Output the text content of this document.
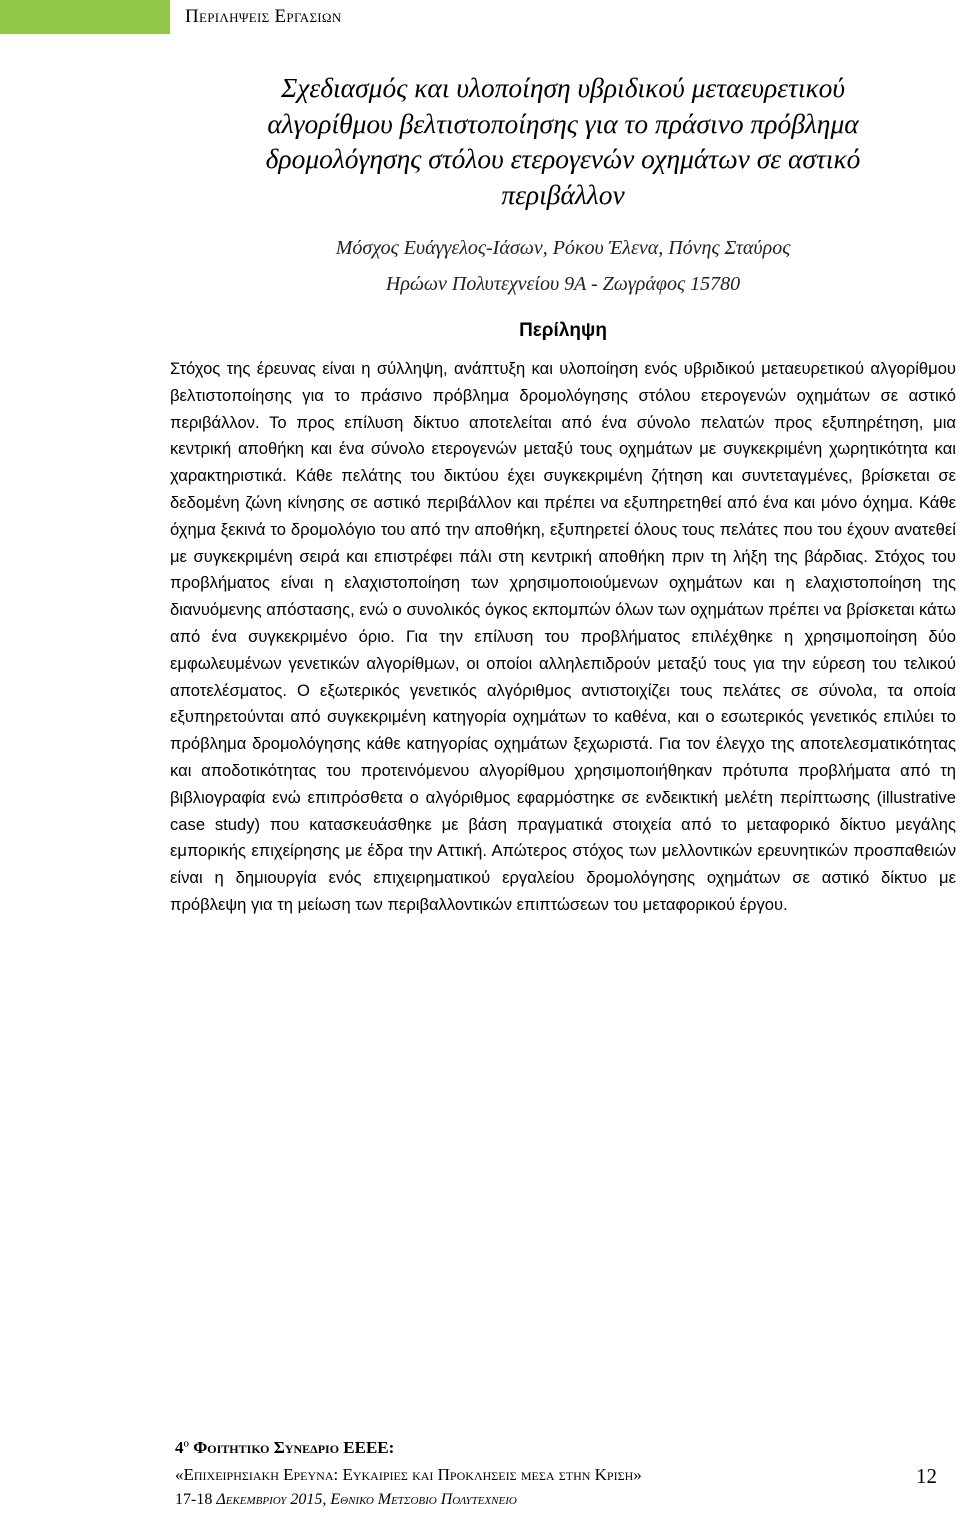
Περιληψεισ Εργασιων
Σχεδιασμός και υλοποίηση υβριδικού μεταευρετικού
αλγορίθμου βελτιστοποίησης για το πράσινο πρόβλημα
δρομολόγησης στόλου ετερογενών οχημάτων σε αστικό
περιβάλλον
Μόσχος Ευάγγελος-Ιάσων, Ρόκου Έλενα, Πόνης Σταύρος
Ηρώων Πολυτεχνείου 9Α - Ζωγράφος 15780
Περίληψη

Στόχος της έρευνας είναι η σύλληψη, ανάπτυξη και υλοποίηση ενός υβριδικού μεταευρετικού αλγορίθμου βελτιστοποίησης για το πράσινο πρόβλημα δρομολόγησης στόλου ετερογενών οχημάτων σε αστικό περιβάλλον. Το προς επίλυση δίκτυο αποτελείται από ένα σύνολο πελατών προς εξυπηρέτηση, μια κεντρική αποθήκη και ένα σύνολο ετερογενών μεταξύ τους οχημάτων με συγκεκριμένη χωρητικότητα και χαρακτηριστικά. Κάθε πελάτης του δικτύου έχει συγκεκριμένη ζήτηση και συντεταγμένες, βρίσκεται σε δεδομένη ζώνη κίνησης σε αστικό περιβάλλον και πρέπει να εξυπηρετηθεί από ένα και μόνο όχημα. Κάθε όχημα ξεκινά το δρομολόγιο του από την αποθήκη, εξυπηρετεί όλους τους πελάτες που του έχουν ανατεθεί με συγκεκριμένη σειρά και επιστρέφει πάλι στη κεντρική αποθήκη πριν τη λήξη της βάρδιας. Στόχος του προβλήματος είναι η ελαχιστοποίηση των χρησιμοποιούμενων οχημάτων και η ελαχιστοποίηση της διανυόμενης απόστασης, ενώ ο συνολικός όγκος εκπομπών όλων των οχημάτων πρέπει να βρίσκεται κάτω από ένα συγκεκριμένο όριο. Για την επίλυση του προβλήματος επιλέχθηκε η χρησιμοποίηση δύο εμφωλευμένων γενετικών αλγορίθμων, οι οποίοι αλληλεπιδρούν μεταξύ τους για την εύρεση του τελικού αποτελέσματος. Ο εξωτερικός γενετικός αλγόριθμος αντιστοιχίζει τους πελάτες σε σύνολα, τα οποία εξυπηρετούνται από συγκεκριμένη κατηγορία οχημάτων το καθένα, και ο εσωτερικός γενετικός επιλύει το πρόβλημα δρομολόγησης κάθε κατηγορίας οχημάτων ξεχωριστά. Για τον έλεγχο της αποτελεσματικότητας και αποδοτικότητας του προτεινόμενου αλγορίθμου χρησιμοποιήθηκαν πρότυπα προβλήματα από τη βιβλιογραφία ενώ επιπρόσθετα ο αλγόριθμος εφαρμόστηκε σε ενδεικτική μελέτη περίπτωσης (illustrative case study) που κατασκευάσθηκε με βάση πραγματικά στοιχεία από το μεταφορικό δίκτυο μεγάλης εμπορικής επιχείρησης με έδρα την Αττική. Απώτερος στόχος των μελλοντικών ερευνητικών προσπαθειών είναι η δημιουργία ενός επιχειρηματικού εργαλείου δρομολόγησης οχημάτων σε αστικό δίκτυο με πρόβλεψη για τη μείωση των περιβαλλοντικών επιπτώσεων του μεταφορικού έργου.

$4^o$ Φοιτητικο Συνεδριο ΕΕΕΕ:
«Επιχειρησιακη Ερευνα: Ευκαιριεσ και Προκλησεισ μεσα στην Κριση»
17-18 Δεκεμβριου 2015, Εθνικο Μετσοβιο Πολυτεχνειο
12
